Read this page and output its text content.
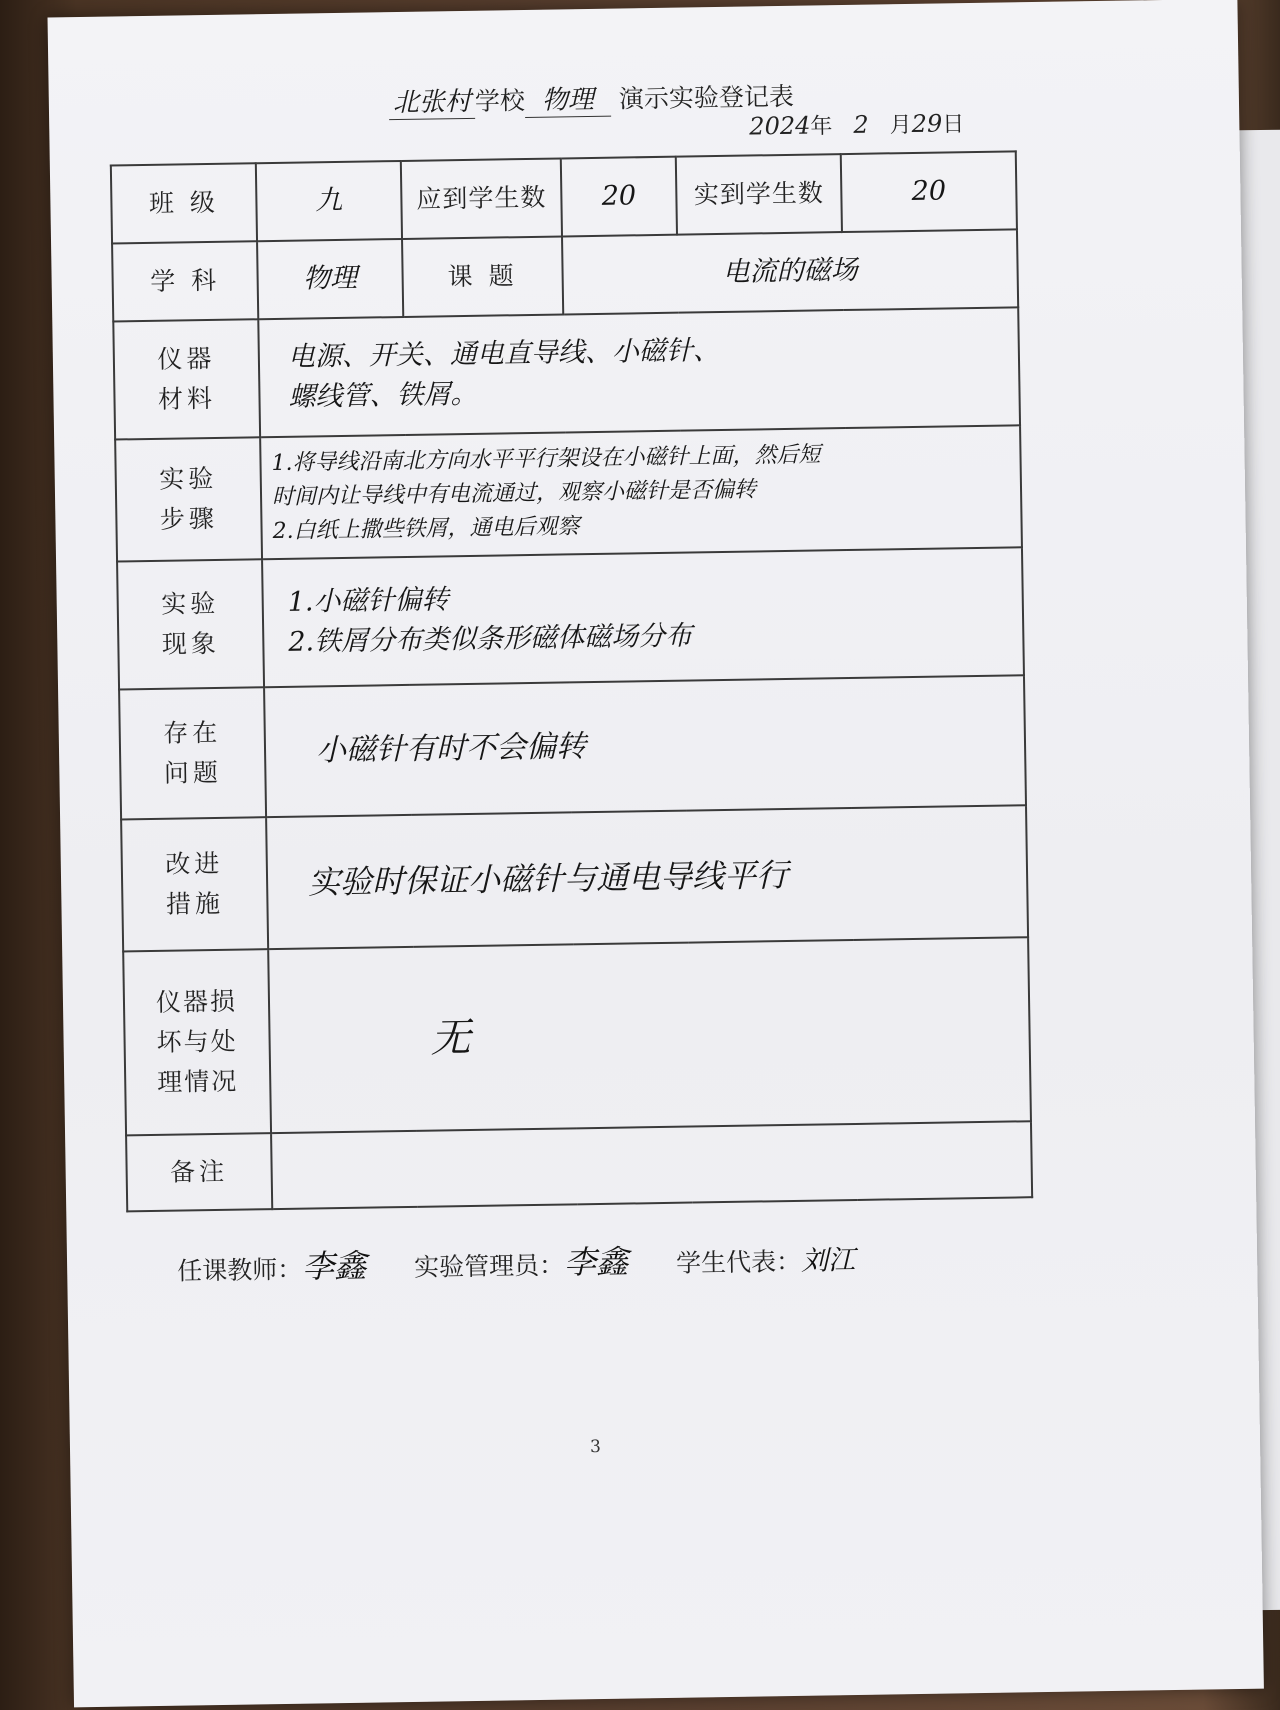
北张村 学校 物理 演示实验登记表
2024年 2 月29日
班 级	九	应到学生数	20	实到学生数	20
学 科	物理	课 题	电流的磁场		

仪器
材料	电源、开关、通电直导线、小磁针、
螺线管、铁屑。				

实验
步骤	1.将导线沿南北方向水平平行架设在小磁针上面，然后短
时间内让导线中有电流通过，观察小磁针是否偏转
2.白纸上撒些铁屑，通电后观察				

实验
现象	1.小磁针偏转
2.铁屑分布类似条形磁体磁场分布				

存在
问题	小磁针有时不会偏转				

改进
措施	实验时保证小磁针与通电导线平行				

仪器损
坏与处
理情况	无				
备注					
任课教师：李鑫 实验管理员：李鑫 学生代表：刘江
3
